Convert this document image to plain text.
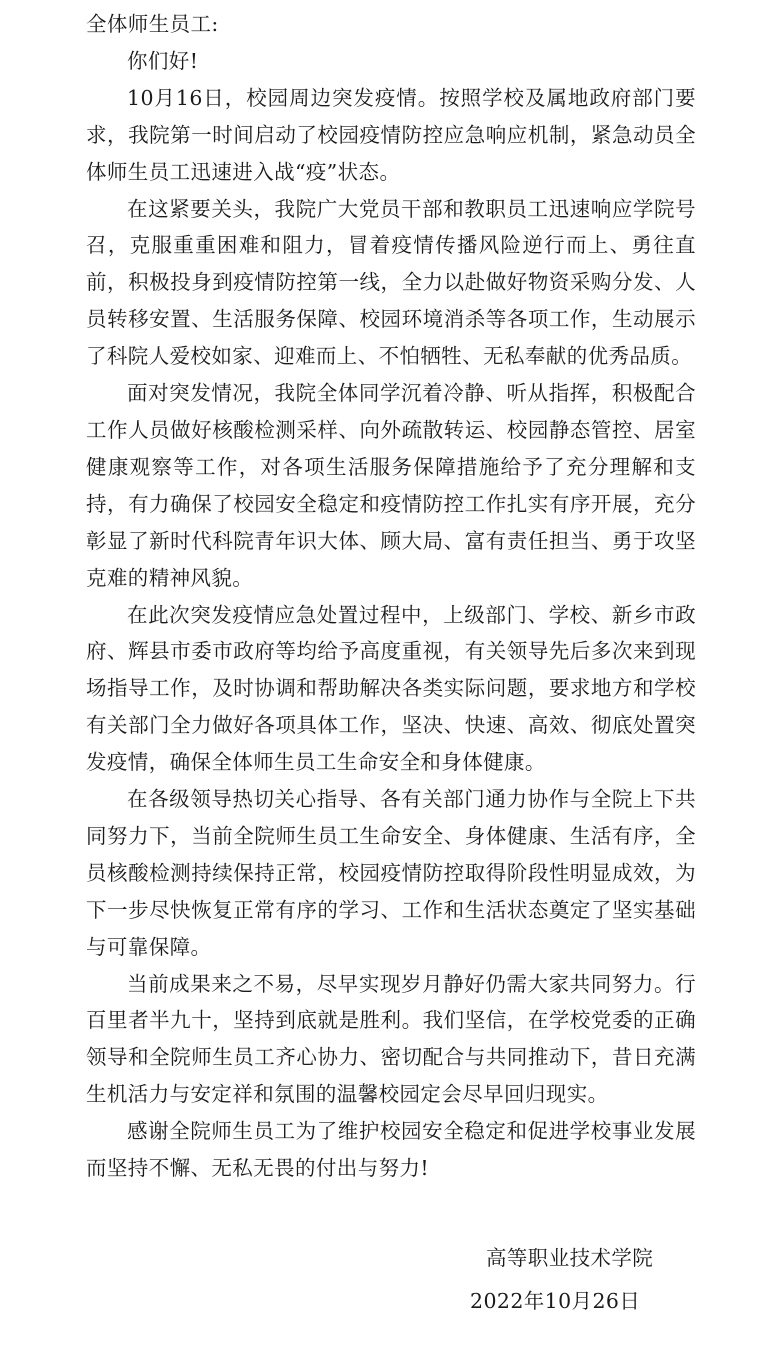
全体师生员工:

你们好!

10月16日，校园周边突发疫情。按照学校及属地政府部门要求，我院第一时间启动了校园疫情防控应急响应机制，紧急动员全体师生员工迅速进入战“疫”状态。

在这紧要关头，我院广大党员干部和教职员工迅速响应学院号召，克服重重困难和阻力，冒着疫情传播风险逆行而上、勇往直前，积极投身到疫情防控第一线，全力以赴做好物资采购分发、人员转移安置、生活服务保障、校园环境消杀等各项工作，生动展示了科院人爱校如家、迎难而上、不怕牺牲、无私奉献的优秀品质。

面对突发情况，我院全体同学沉着冷静、听从指挥，积极配合工作人员做好核酸检测采样、向外疏散转运、校园静态管控、居室健康观察等工作，对各项生活服务保障措施给予了充分理解和支持，有力确保了校园安全稳定和疫情防控工作扎实有序开展，充分彰显了新时代科院青年识大体、顾大局、富有责任担当、勇于攻坚克难的精神风貌。

在此次突发疫情应急处置过程中，上级部门、学校、新乡市政府、辉县市委市政府等均给予高度重视，有关领导先后多次来到现场指导工作，及时协调和帮助解决各类实际问题，要求地方和学校有关部门全力做好各项具体工作，坚决、快速、高效、彻底处置突发疫情，确保全体师生员工生命安全和身体健康。

在各级领导热切关心指导、各有关部门通力协作与全院上下共同努力下，当前全院师生员工生命安全、身体健康、生活有序，全员核酸检测持续保持正常，校园疫情防控取得阶段性明显成效，为下一步尽快恢复正常有序的学习、工作和生活状态奠定了坚实基础与可靠保障。

当前成果来之不易，尽早实现岁月静好仍需大家共同努力。行百里者半九十，坚持到底就是胜利。我们坚信，在学校党委的正确领导和全院师生员工齐心协力、密切配合与共同推动下，昔日充满生机活力与安定祥和氛围的温馨校园定会尽早回归现实。

感谢全院师生员工为了维护校园安全稳定和促进学校事业发展而坚持不懈、无私无畏的付出与努力!

高等职业技术学院

2022年10月26日
